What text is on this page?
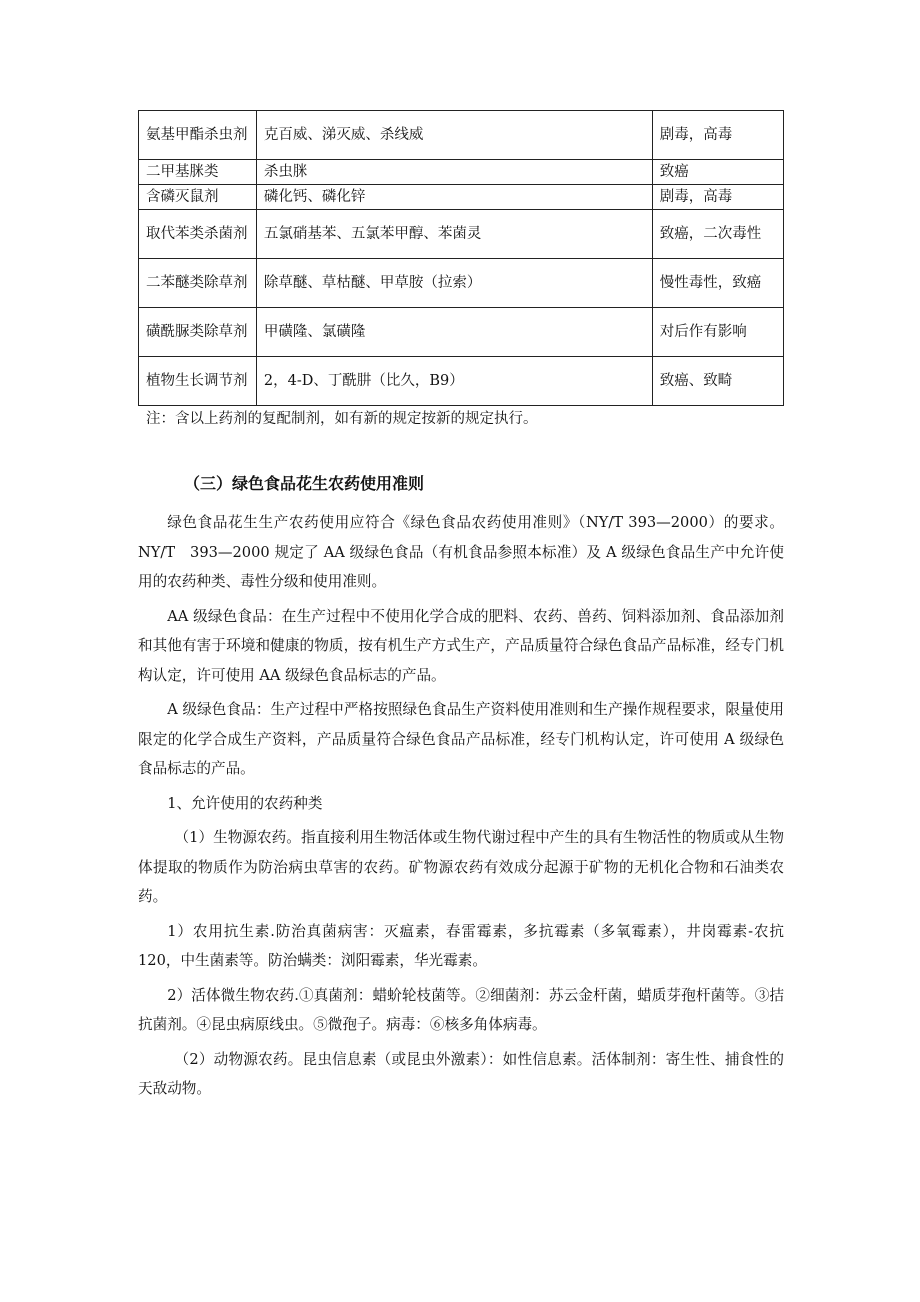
氨基甲酯杀虫剂	克百威、涕灭威、杀线威	剧毒，高毒
二甲基脒类	杀虫脒	致癌
含磷灭鼠剂	磷化钙、磷化锌	剧毒，高毒
取代苯类杀菌剂	五氯硝基苯、五氯苯甲醇、苯菌灵	致癌，二次毒性
二苯醚类除草剂	除草醚、草枯醚、甲草胺（拉索）	慢性毒性，致癌
磺酰脲类除草剂	甲磺隆、氯磺隆	对后作有影响
植物生长调节剂	2，4-D、丁酰肼（比久，B9）	致癌、致畸
注：含以上药剂的复配制剂，如有新的规定按新的规定执行。
（三）绿色食品花生农药使用准则

绿色食品花生生产农药使用应符合《绿色食品农药使用准则》（NY/T 393—2000）的要求。NY/T　393—2000 规定了 AA 级绿色食品（有机食品参照本标准）及 A 级绿色食品生产中允许使用的农药种类、毒性分级和使用准则。

AA 级绿色食品：在生产过程中不使用化学合成的肥料、农药、兽药、饲料添加剂、食品添加剂和其他有害于环境和健康的物质，按有机生产方式生产，产品质量符合绿色食品产品标准，经专门机构认定，许可使用 AA 级绿色食品标志的产品。

A 级绿色食品：生产过程中严格按照绿色食品生产资料使用准则和生产操作规程要求，限量使用限定的化学合成生产资料，产品质量符合绿色食品产品标准，经专门机构认定，许可使用 A 级绿色食品标志的产品。

1、允许使用的农药种类

（1）生物源农药。指直接利用生物活体或生物代谢过程中产生的具有生物活性的物质或从生物体提取的物质作为防治病虫草害的农药。矿物源农药有效成分起源于矿物的无机化合物和石油类农药。

1）农用抗生素.防治真菌病害：灭瘟素，春雷霉素，多抗霉素（多氧霉素），井岗霉素-农抗 120，中生菌素等。防治螨类：浏阳霉素，华光霉素。

2）活体微生物农药.①真菌剂：蜡蚧轮枝菌等。②细菌剂：苏云金杆菌，蜡质芽孢杆菌等。③拮抗菌剂。④昆虫病原线虫。⑤微孢子。病毒：⑥核多角体病毒。

（2）动物源农药。昆虫信息素（或昆虫外激素）：如性信息素。活体制剂：寄生性、捕食性的天敌动物。
